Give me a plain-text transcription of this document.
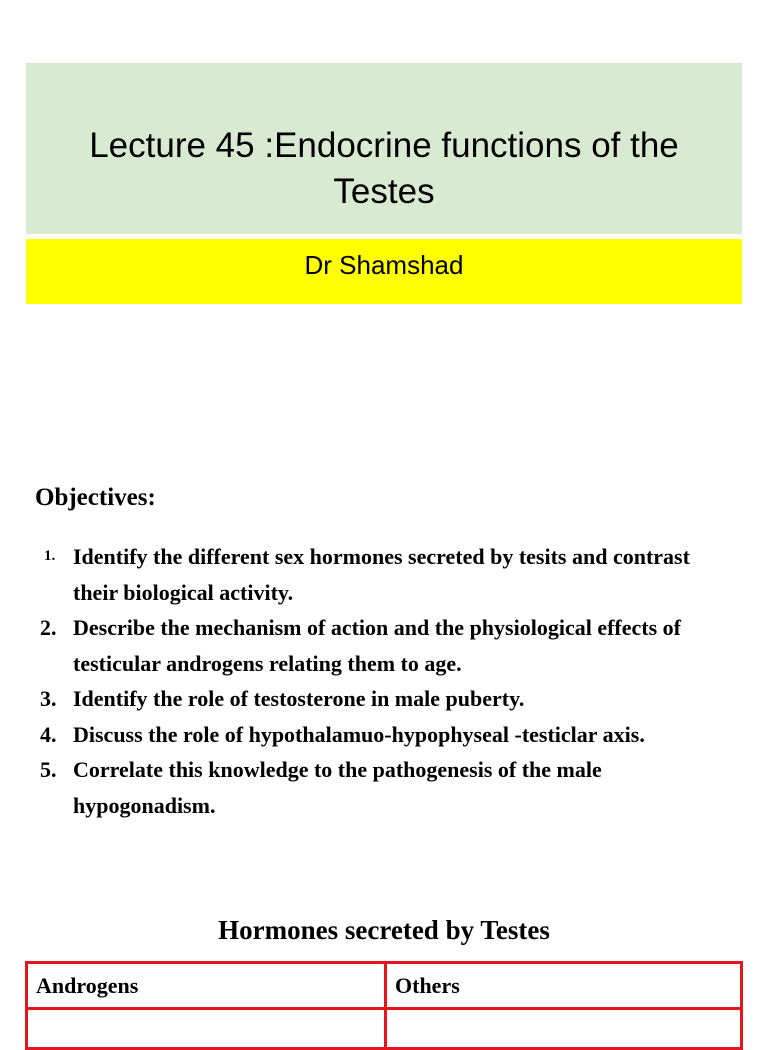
Lecture 45 :Endocrine functions of the
Testes
Dr Shamshad
Objectives:
1. Identify the different sex hormones secreted by tesits and contrast their biological activity.
2. Describe the mechanism of action and the physiological effects of testicular androgens relating them to age.
3. Identify the role of testosterone in male puberty.
4. Discuss the role of hypothalamuo-hypophyseal -testiclar axis.
5. Correlate this knowledge to the pathogenesis of the male hypogonadism.
Hormones secreted by Testes
Androgens	Others
